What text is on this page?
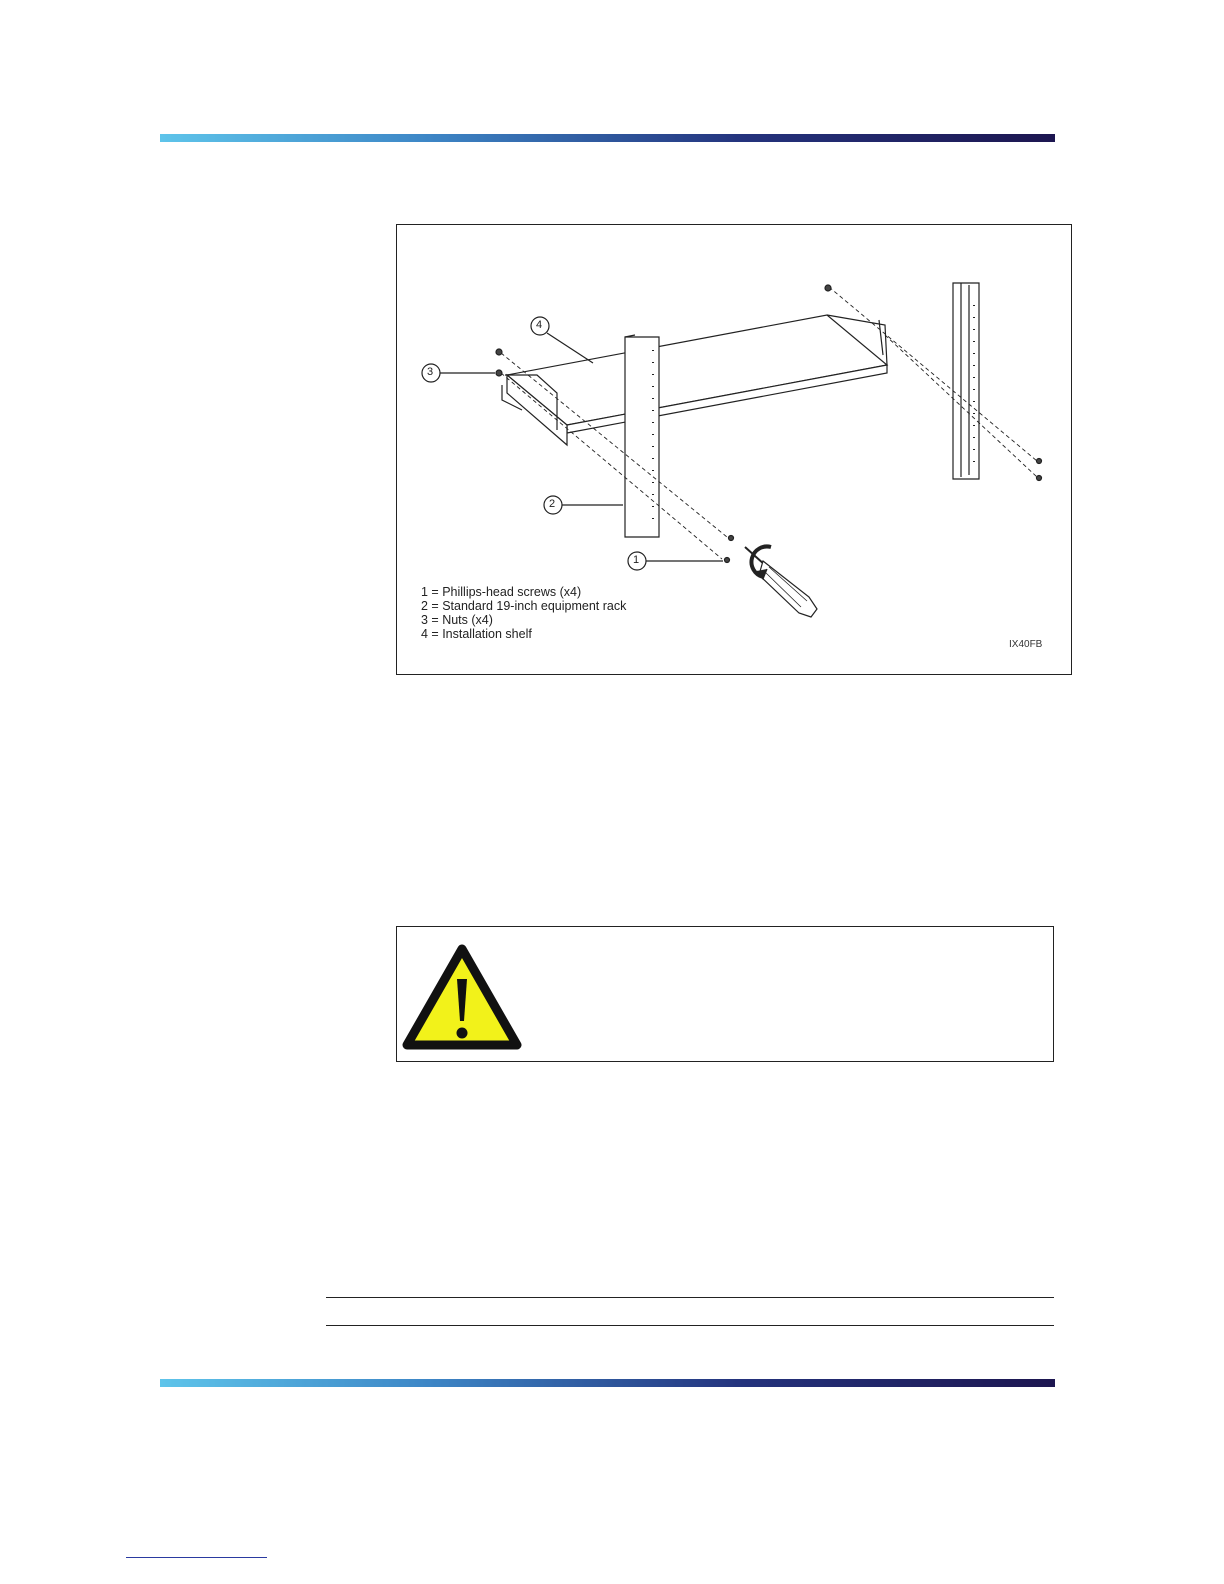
4
3
2
1
1 = Phillips-head screws (x4)
2 = Standard 19-inch equipment rack
3 = Nuts (x4)
4 = Installation shelf
IX40FB
